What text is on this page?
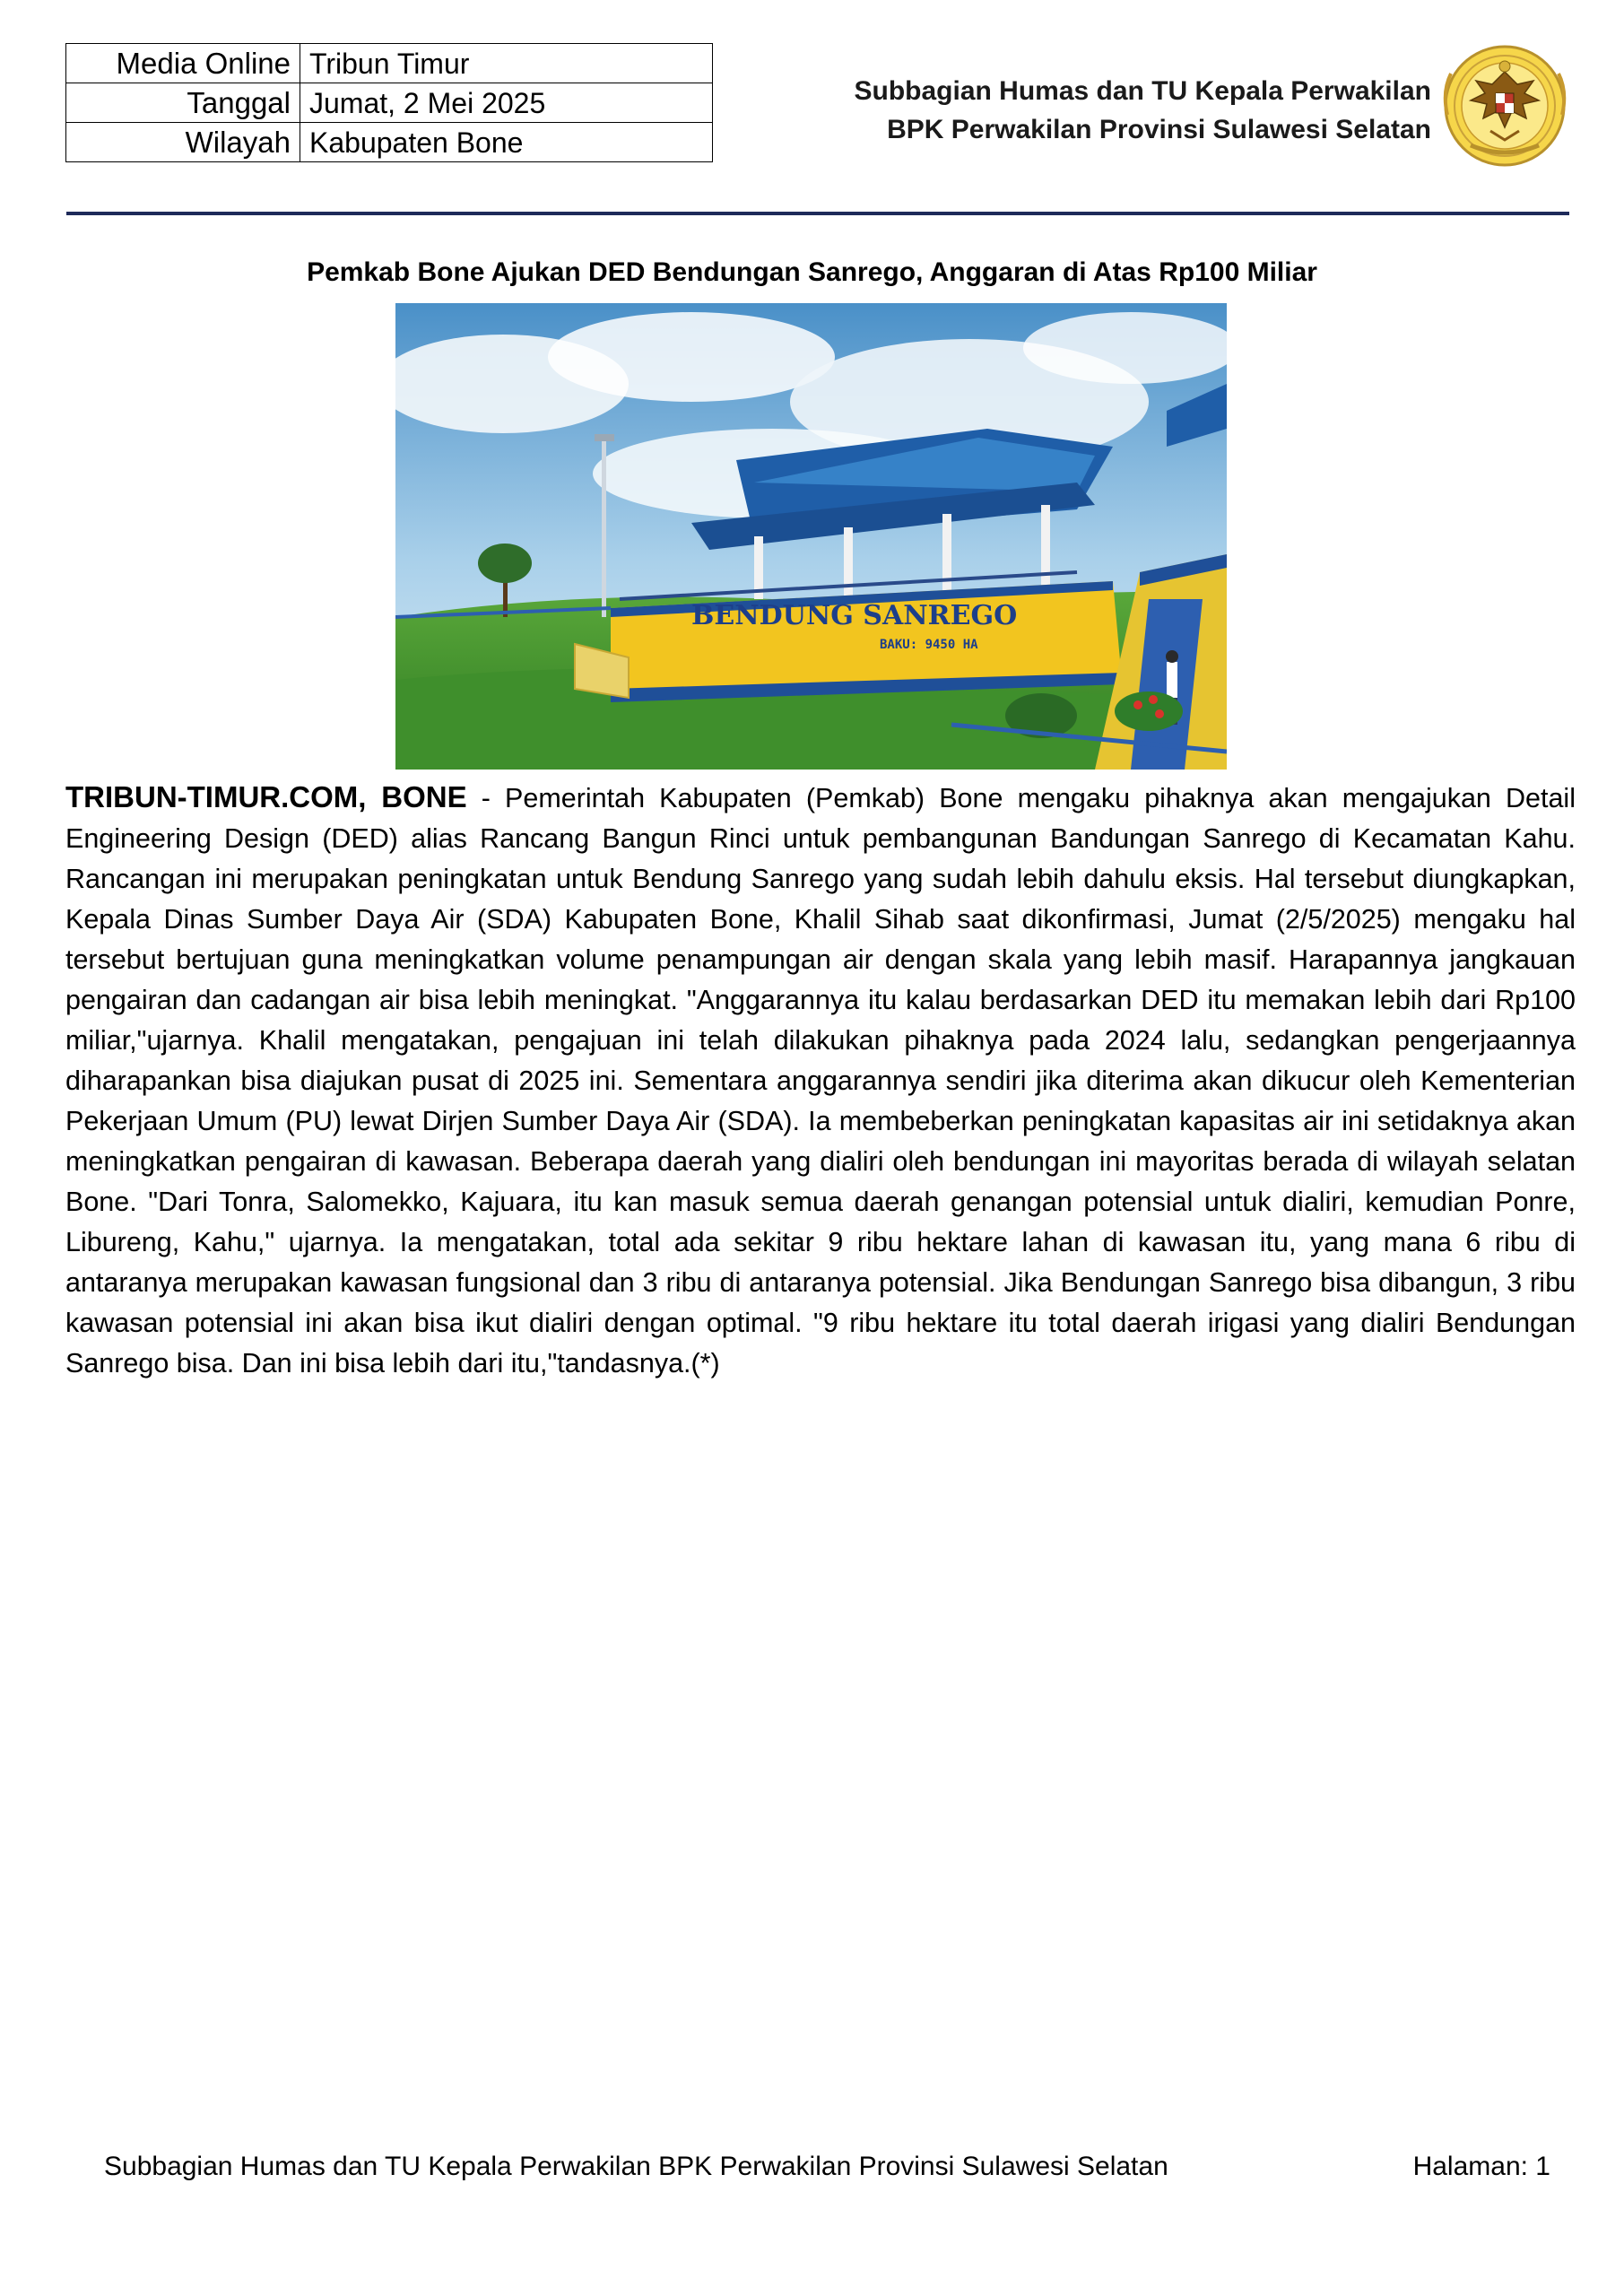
Media Online	Tribun Timur
Tanggal	Jumat, 2 Mei 2025
Wilayah	Kabupaten Bone
Subbagian Humas dan TU Kepala Perwakilan
BPK Perwakilan Provinsi Sulawesi Selatan
Pemkab Bone Ajukan DED Bendungan Sanrego, Anggaran di Atas Rp100 Miliar
BENDUNG SANREGO
BAKU: 9450 HA
TRIBUN-TIMUR.COM, BONE - Pemerintah Kabupaten (Pemkab) Bone mengaku pihaknya akan mengajukan Detail Engineering Design (DED) alias Rancang Bangun Rinci untuk pembangunan Bandungan Sanrego di Kecamatan Kahu. Rancangan ini merupakan peningkatan untuk Bendung Sanrego yang sudah lebih dahulu eksis. Hal tersebut diungkapkan, Kepala Dinas Sumber Daya Air (SDA) Kabupaten Bone, Khalil Sihab saat dikonfirmasi, Jumat (2/5/2025) mengaku hal tersebut bertujuan guna meningkatkan volume penampungan air dengan skala yang lebih masif. Harapannya jangkauan pengairan dan cadangan air bisa lebih meningkat. "Anggarannya itu kalau berdasarkan DED itu memakan lebih dari Rp100 miliar,"ujarnya. Khalil mengatakan, pengajuan ini telah dilakukan pihaknya pada 2024 lalu, sedangkan pengerjaannya diharapankan bisa diajukan pusat di 2025 ini. Sementara anggarannya sendiri jika diterima akan dikucur oleh Kementerian Pekerjaan Umum (PU) lewat Dirjen Sumber Daya Air (SDA). Ia membeberkan peningkatan kapasitas air ini setidaknya akan meningkatkan pengairan di kawasan. Beberapa daerah yang dialiri oleh bendungan ini mayoritas berada di wilayah selatan Bone. "Dari Tonra, Salomekko, Kajuara, itu kan masuk semua daerah genangan potensial untuk dialiri, kemudian Ponre, Libureng, Kahu," ujarnya. Ia mengatakan, total ada sekitar 9 ribu hektare lahan di kawasan itu, yang mana 6 ribu di antaranya merupakan kawasan fungsional dan 3 ribu di antaranya potensial. Jika Bendungan Sanrego bisa dibangun, 3 ribu kawasan potensial ini akan bisa ikut dialiri dengan optimal. "9 ribu hektare itu total daerah irigasi yang dialiri Bendungan Sanrego bisa. Dan ini bisa lebih dari itu,"tandasnya.(*)
Subbagian Humas dan TU Kepala Perwakilan BPK Perwakilan Provinsi Sulawesi Selatan	Halaman: 1
